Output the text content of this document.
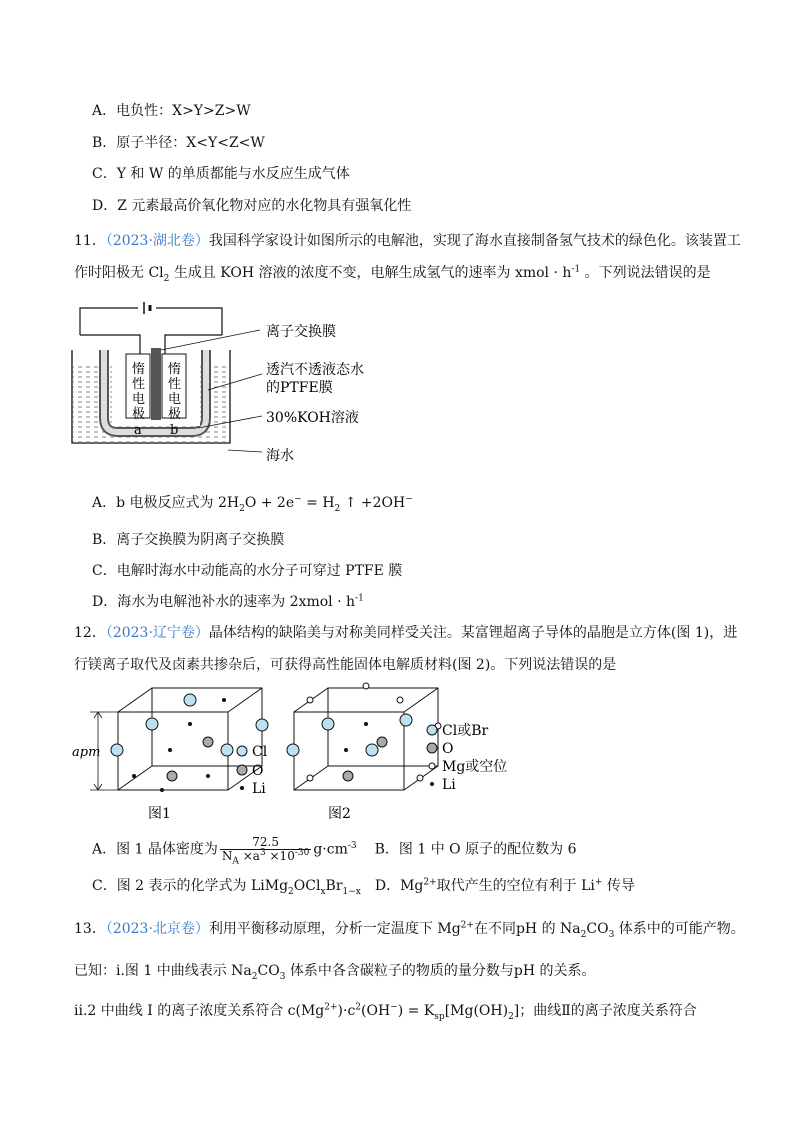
A．电负性：X>Y>Z>W
B．原子半径：X<Y<Z<W
C．Y 和 W 的单质都能与水反应生成气体
D．Z 元素最高价氧化物对应的水化物具有强氧化性
11．（2023·湖北卷）我国科学家设计如图所示的电解池，实现了海水直接制备氢气技术的绿色化。该装置工
作时阳极无 $Cl_2$ 生成且 KOH 溶液的浓度不变，电解生成氢气的速率为 xmol · $h^{-1}$ 。下列说法错误的是
惰
性
电
极
a
惰
性
电
极
b
离子交换膜
透汽不透液态水
的PTFE膜
30%KOH溶液
海水
A．b 电极反应式为 $2H_2O + 2e^- = H_2$ ↑ +2OH−
B．离子交换膜为阴离子交换膜
C．电解时海水中动能高的水分子可穿过 PTFE 膜
D．海水为电解池补水的速率为 2xmol · $h^{-1}$
12．（2023·辽宁卷）晶体结构的缺陷美与对称美同样受关注。某富锂超离子导体的晶胞是立方体(图 1)，进
行镁离子取代及卤素共掺杂后，可获得高性能固体电解质材料(图 2)。下列说法错误的是
apm	Cl
O
Li
图1
Cl或Br
O
Mg或空位
Li
图2
A．图 1 晶体密度为 $\frac{72.5}{N_A \times a^3 \times 10^{-30}} g\cdot cm^{-3}$ B．图 1 中 O 原子的配位数为 6
C．图 2 表示的化学式为 $LiMg_2OCl_xBr_{1-x}$ D．$Mg^{2+}$取代产生的空位有利于 Li+ 传导
13．（2023·北京卷）利用平衡移动原理，分析一定温度下 $Mg^{2+}$在不同pH 的 $Na_2CO_3$ 体系中的可能产物。
已知：i.图 1 中曲线表示 $Na_2CO_3$ 体系中各含碳粒子的物质的量分数与pH 的关系。
ii.2 中曲线 I 的离子浓度关系符合 $c(Mg^{2+})\cdot c^2(OH^-) = K_{sp}[Mg(OH)_2]$；曲线Ⅱ的离子浓度关系符合
